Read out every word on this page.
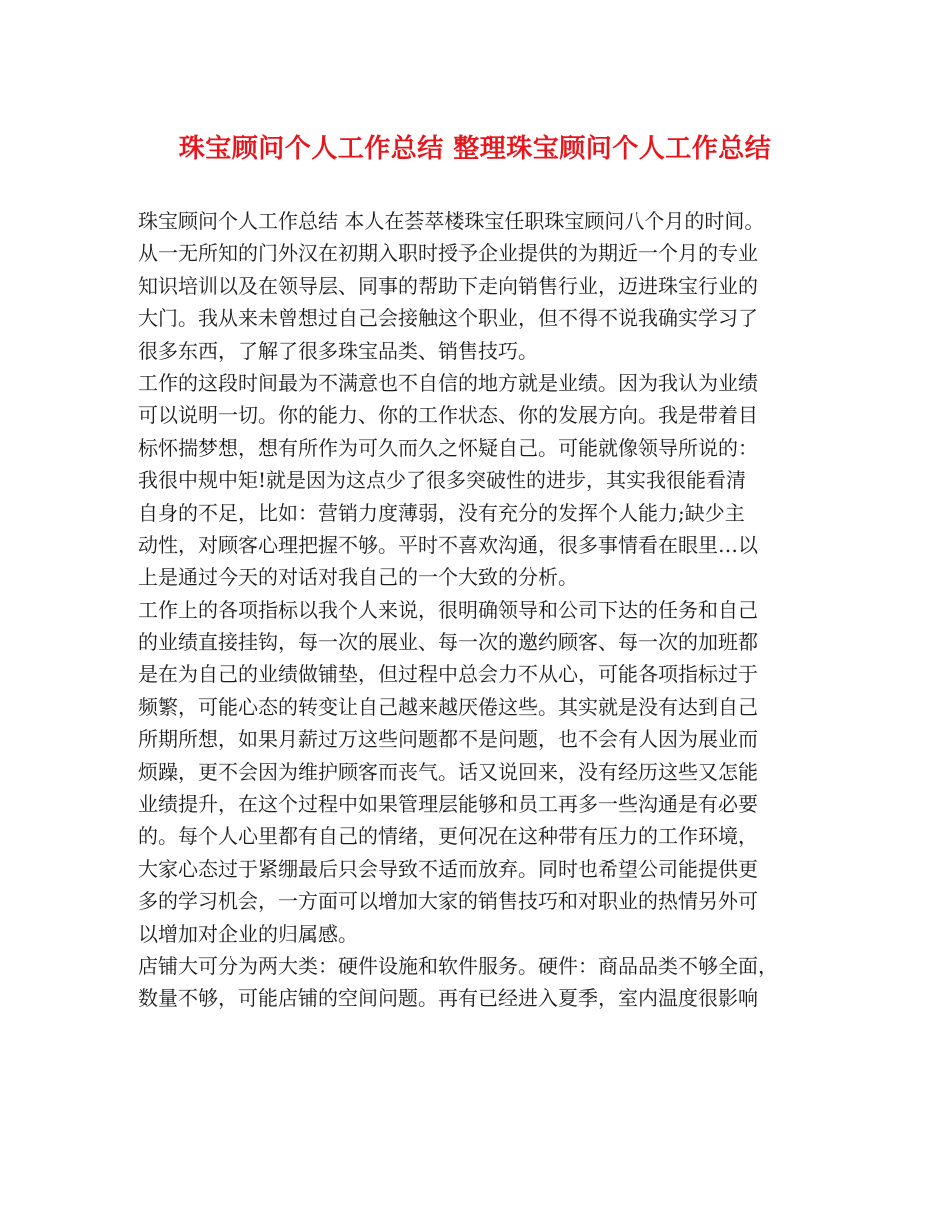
珠宝顾问个人工作总结 整理珠宝顾问个人工作总结
珠宝顾问个人工作总结 本人在荟萃楼珠宝任职珠宝顾问八个月的时间。
从一无所知的门外汉在初期入职时授予企业提供的为期近一个月的专业
知识培训以及在领导层、同事的帮助下走向销售行业，迈进珠宝行业的
大门。我从来未曾想过自己会接触这个职业，但不得不说我确实学习了
很多东西，了解了很多珠宝品类、销售技巧。
工作的这段时间最为不满意也不自信的地方就是业绩。因为我认为业绩
可以说明一切。你的能力、你的工作状态、你的发展方向。我是带着目
标怀揣梦想，想有所作为可久而久之怀疑自己。可能就像领导所说的：
我很中规中矩!就是因为这点少了很多突破性的进步，其实我很能看清
自身的不足，比如：营销力度薄弱，没有充分的发挥个人能力;缺少主
动性，对顾客心理把握不够。平时不喜欢沟通，很多事情看在眼里…以
上是通过今天的对话对我自己的一个大致的分析。
工作上的各项指标以我个人来说，很明确领导和公司下达的任务和自己
的业绩直接挂钩，每一次的展业、每一次的邀约顾客、每一次的加班都
是在为自己的业绩做铺垫，但过程中总会力不从心，可能各项指标过于
频繁，可能心态的转变让自己越来越厌倦这些。其实就是没有达到自己
所期所想，如果月薪过万这些问题都不是问题，也不会有人因为展业而
烦躁，更不会因为维护顾客而丧气。话又说回来，没有经历这些又怎能
业绩提升，在这个过程中如果管理层能够和员工再多一些沟通是有必要
的。每个人心里都有自己的情绪，更何况在这种带有压力的工作环境，
大家心态过于紧绷最后只会导致不适而放弃。同时也希望公司能提供更
多的学习机会，一方面可以增加大家的销售技巧和对职业的热情另外可
以增加对企业的归属感。
店铺大可分为两大类：硬件设施和软件服务。硬件：商品品类不够全面，
数量不够，可能店铺的空间问题。再有已经进入夏季，室内温度很影响
